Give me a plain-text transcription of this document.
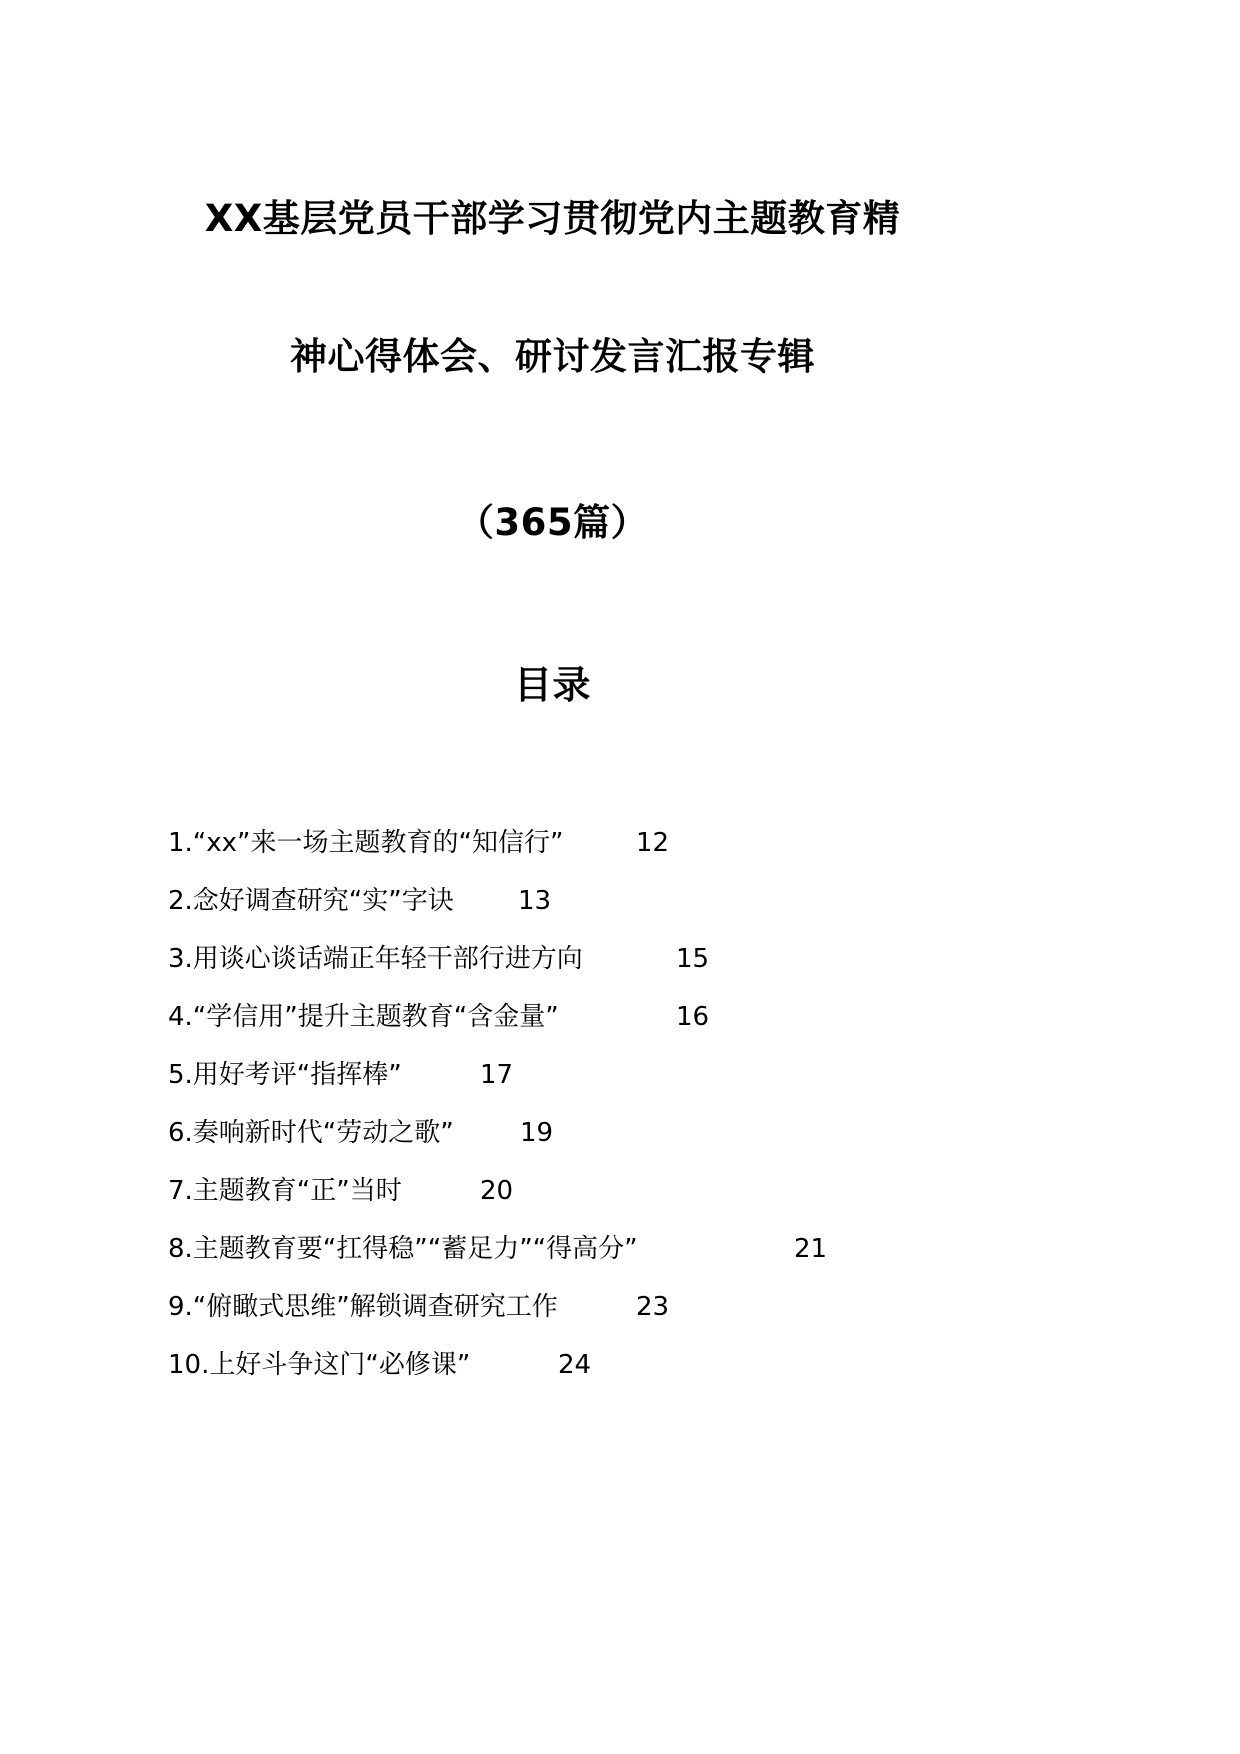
XX基层党员干部学习贯彻党内主题教育精
神心得体会、研讨发言汇报专辑
（365篇）
目录
1.“xx”来一场主题教育的“知信行”	12
2.念好调查研究“实”字诀 13
3.用谈心谈话端正年轻干部行进方向	15
4.“学信用”提升主题教育“含金量”	16
5.用好考评“指挥棒”	17
6.奏响新时代“劳动之歌”	19
7.主题教育“正”当时	20
8.主题教育要“扛得稳”“蓄足力”“得高分”	21
9.“俯瞰式思维”解锁调查研究工作	23
10.上好斗争这门“必修课”	24
